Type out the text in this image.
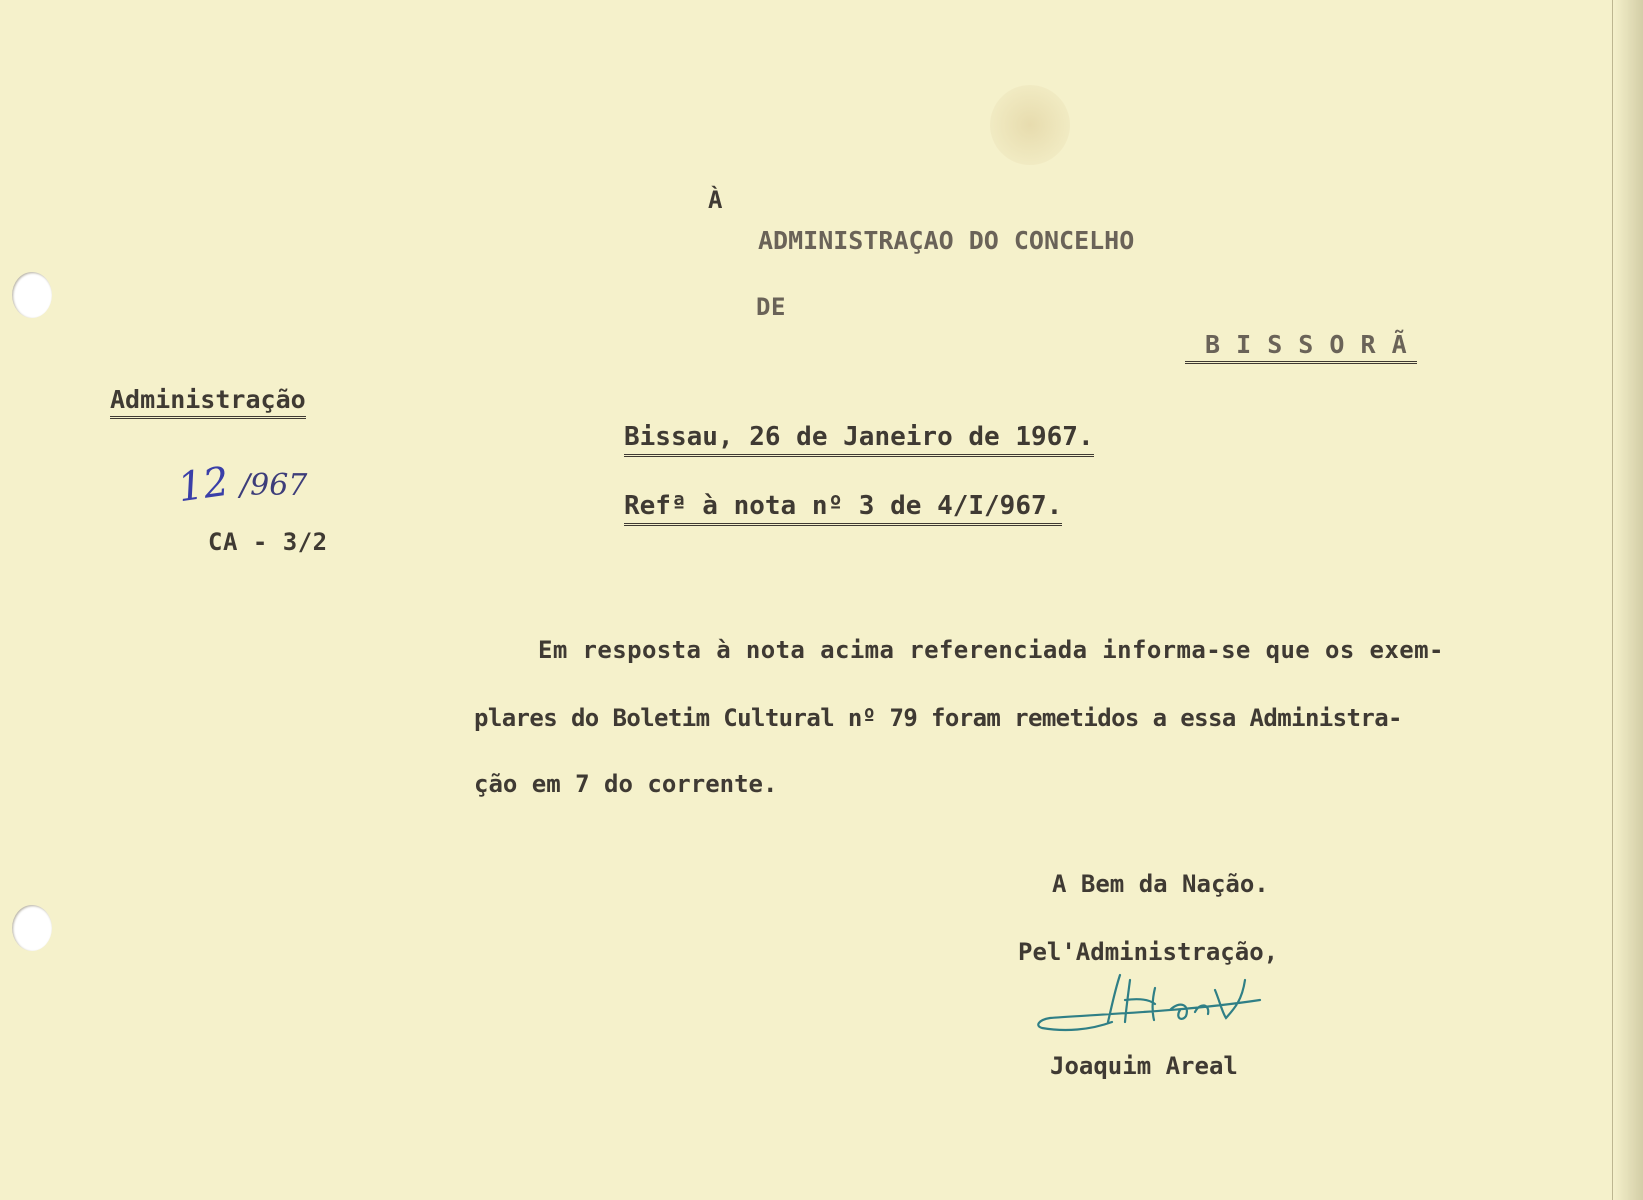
À
ADMINISTRAÇAO DO CONCELHO
DE
B I S S O R Ã
Administração
12 /967
CA - 3/2
Bissau, 26 de Janeiro de 1967.
Refª à nota nº 3 de 4/I/967.
Em resposta à nota acima referenciada informa-se que os exem-
plares do Boletim Cultural nº 79 foram remetidos a essa Administra-
ção em 7 do corrente.
A Bem da Nação.
Pel'Administração,
Joaquim Areal
